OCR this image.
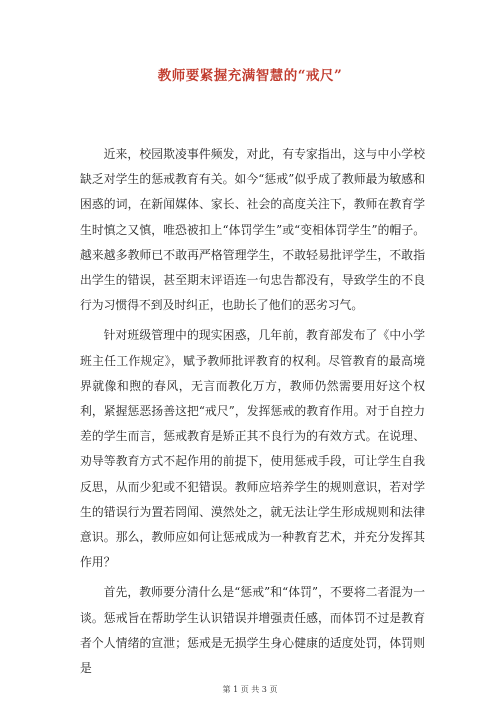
教师要紧握充满智慧的“戒尺”

近来，校园欺凌事件频发，对此，有专家指出，这与中小学校缺乏对学生的惩戒教育有关。如今“惩戒”似乎成了教师最为敏感和困惑的词，在新闻媒体、家长、社会的高度关注下，教师在教育学生时慎之又慎，唯恐被扣上“体罚学生”或“变相体罚学生”的帽子。越来越多教师已不敢再严格管理学生，不敢轻易批评学生，不敢指出学生的错误，甚至期末评语连一句忠告都没有，导致学生的不良行为习惯得不到及时纠正，也助长了他们的恶劣习气。

针对班级管理中的现实困惑，几年前，教育部发布了《中小学班主任工作规定》，赋予教师批评教育的权利。尽管教育的最高境界就像和煦的春风，无言而教化万方，教师仍然需要用好这个权利，紧握惩恶扬善这把“戒尺”，发挥惩戒的教育作用。对于自控力差的学生而言，惩戒教育是矫正其不良行为的有效方式。在说理、劝导等教育方式不起作用的前提下，使用惩戒手段，可让学生自我反思，从而少犯或不犯错误。教师应培养学生的规则意识，若对学生的错误行为置若罔闻、漠然处之，就无法让学生形成规则和法律意识。那么，教师应如何让惩戒成为一种教育艺术，并充分发挥其作用？

首先，教师要分清什么是“惩戒”和“体罚”，不要将二者混为一谈。惩戒旨在帮助学生认识错误并增强责任感，而体罚不过是教育者个人情绪的宣泄；惩戒是无损学生身心健康的适度处罚，体罚则是

第 1 页 共 3 页
